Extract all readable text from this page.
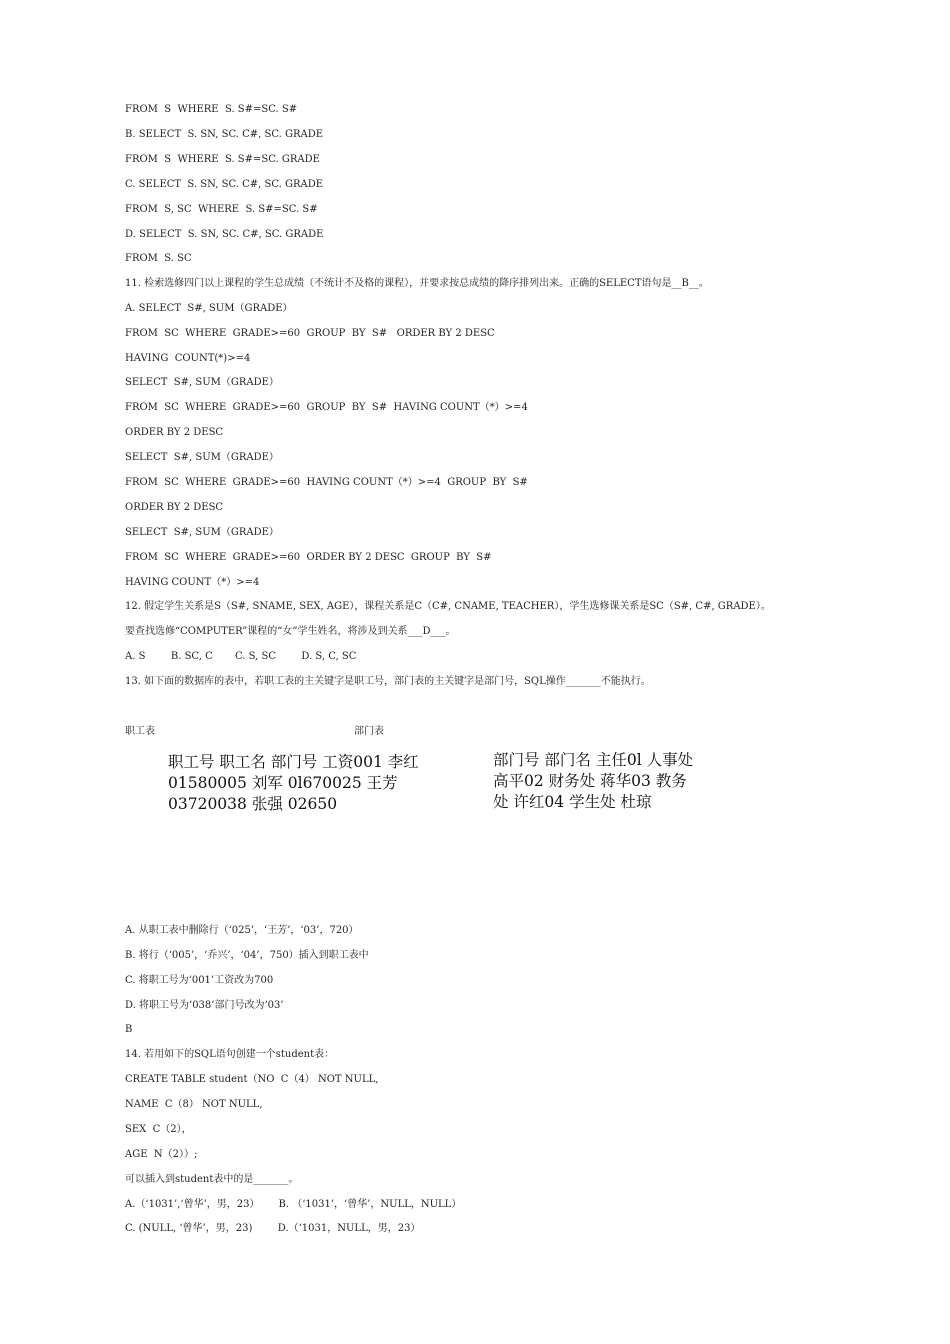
FROM  S  WHERE  S. S#=SC. S#
B. SELECT  S. SN, SC. C#, SC. GRADE
FROM  S  WHERE  S. S#=SC. GRADE
C. SELECT  S. SN, SC. C#, SC. GRADE
FROM  S, SC  WHERE  S. S#=SC. S#
D. SELECT  S. SN, SC. C#, SC. GRADE
FROM  S. SC
11. 检索选修四门以上课程的学生总成绩（不统计不及格的课程），并要求按总成绩的降序排列出来。正确的SELECT语句是__B__。
A. SELECT  S#, SUM（GRADE）
FROM  SC  WHERE  GRADE>=60  GROUP  BY  S#   ORDER BY 2 DESC
HAVING  COUNT(*)>=4
SELECT  S#, SUM（GRADE）
FROM  SC  WHERE  GRADE>=60  GROUP  BY  S#  HAVING COUNT（*）>=4
ORDER BY 2 DESC
SELECT  S#, SUM（GRADE）
FROM  SC  WHERE  GRADE>=60  HAVING COUNT（*）>=4  GROUP  BY  S#
ORDER BY 2 DESC
SELECT  S#, SUM（GRADE）
FROM  SC  WHERE  GRADE>=60  ORDER BY 2 DESC  GROUP  BY  S#
HAVING COUNT（*）>=4
12. 假定学生关系是S（S#, SNAME, SEX, AGE），课程关系是C（C#, CNAME, TEACHER），学生选修课关系是SC（S#, C#, GRADE）。
要查找选修“COMPUTER”课程的“女”学生姓名，将涉及到关系___D___。
A. S        B. SC, C       C. S, SC        D. S, C, SC
13. 如下面的数据库的表中，若职工表的主关键字是职工号，部门表的主关键字是部门号，SQL操作_______不能执行。
职工表	部门表
职工号 职工名 部门号 工资001 李红 01580005 刘军 0l670025 王芳 03720038 张强 02650
部门号 部门名 主任0l 人事处 高平02 财务处 蒋华03 教务处 许红04 学生处 杜琼
A. 从职工表中删除行（‘025’，‘王芳’，‘03’，720）
B. 将行（‘005’，‘乔兴’，‘04’，750）插入到职工表中
C. 将职工号为‘001’工资改为700
D. 将职工号为‘038’部门号改为‘03’
B
14. 若用如下的SQL语句创建一个student表：
CREATE TABLE student（NO  C（4） NOT NULL,
NAME  C（8） NOT NULL,
SEX  C（2），
AGE  N（2））;
可以插入到student表中的是_______。
A.（‘1031’,‘曾华’，男，23）      B. （‘1031’，‘曾华’，NULL，NULL）
C. (NULL, ‘曾华’，男，23)        D.（‘1031，NULL，男，23）
